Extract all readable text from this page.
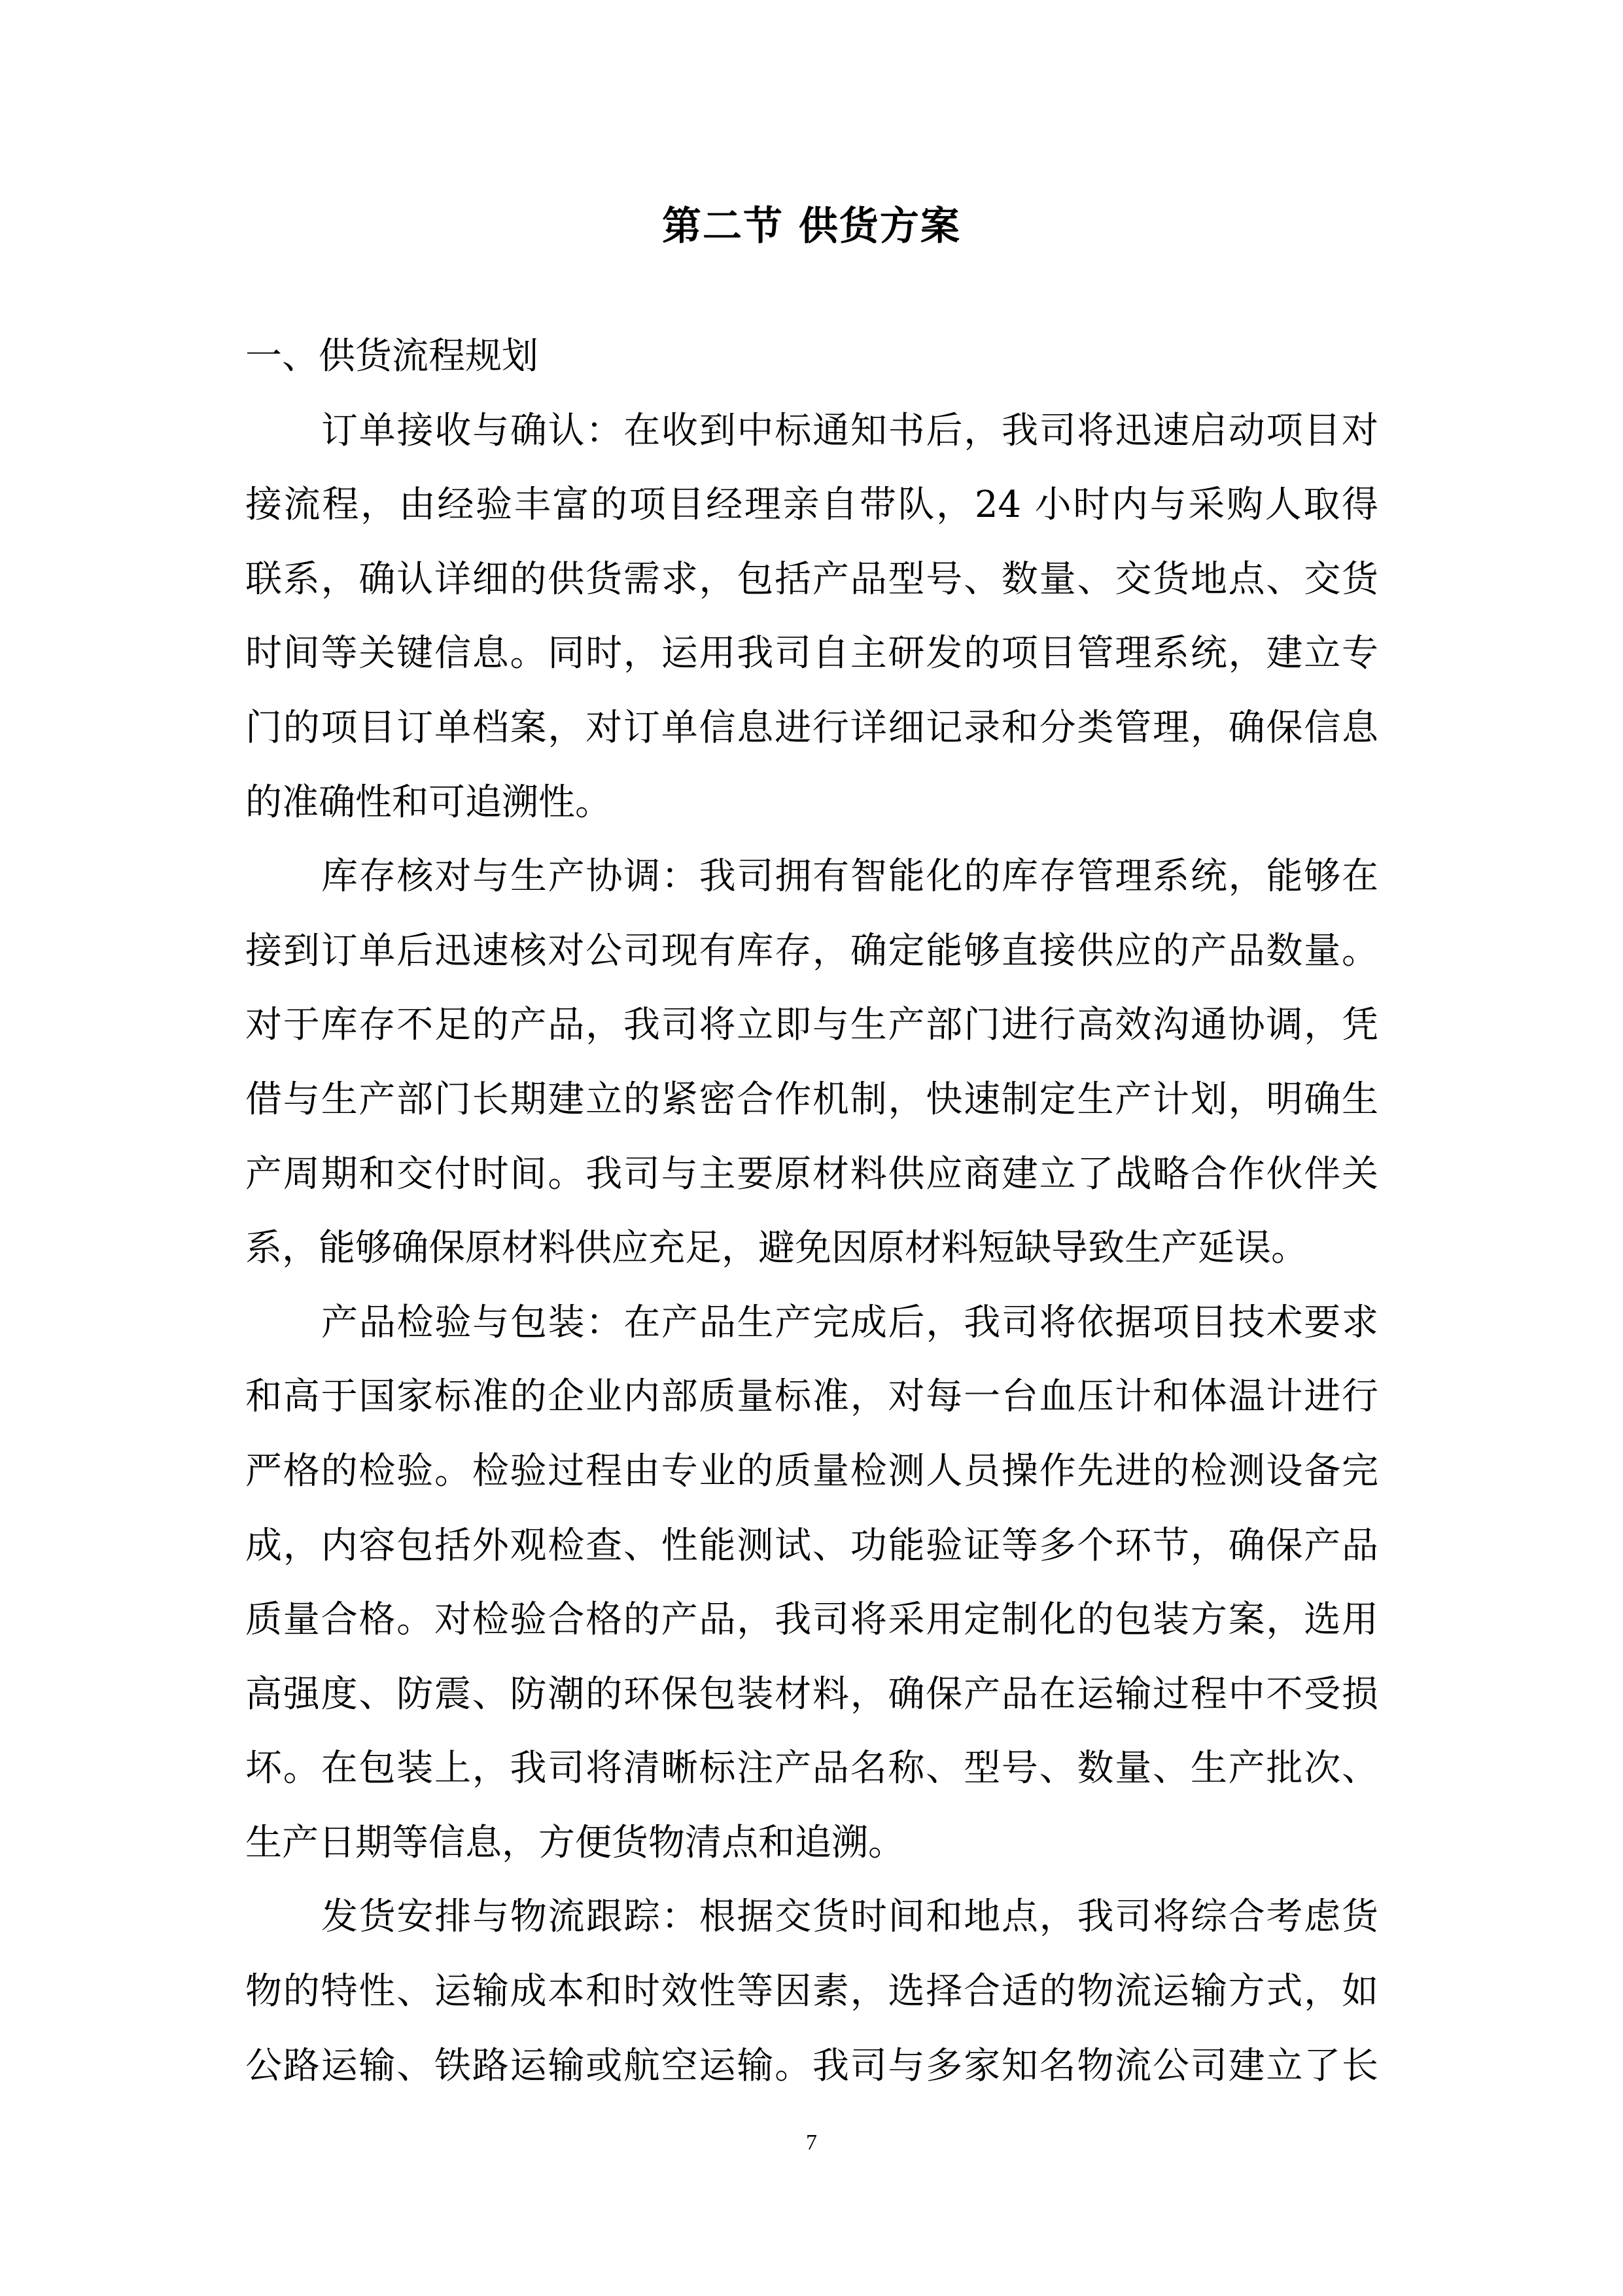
第二节 供货方案
一、供货流程规划
订单接收与确认：在收到中标通知书后，我司将迅速启动项目对
接流程，由经验丰富的项目经理亲自带队，24 小时内与采购人取得
联系，确认详细的供货需求，包括产品型号、数量、交货地点、交货
时间等关键信息。同时，运用我司自主研发的项目管理系统，建立专
门的项目订单档案，对订单信息进行详细记录和分类管理，确保信息
的准确性和可追溯性。
库存核对与生产协调：我司拥有智能化的库存管理系统，能够在
接到订单后迅速核对公司现有库存，确定能够直接供应的产品数量。
对于库存不足的产品，我司将立即与生产部门进行高效沟通协调，凭
借与生产部门长期建立的紧密合作机制，快速制定生产计划，明确生
产周期和交付时间。我司与主要原材料供应商建立了战略合作伙伴关
系，能够确保原材料供应充足，避免因原材料短缺导致生产延误。
产品检验与包装：在产品生产完成后，我司将依据项目技术要求
和高于国家标准的企业内部质量标准，对每一台血压计和体温计进行
严格的检验。检验过程由专业的质量检测人员操作先进的检测设备完
成，内容包括外观检查、性能测试、功能验证等多个环节，确保产品
质量合格。对检验合格的产品，我司将采用定制化的包装方案，选用
高强度、防震、防潮的环保包装材料，确保产品在运输过程中不受损
坏。在包装上，我司将清晰标注产品名称、型号、数量、生产批次、
生产日期等信息，方便货物清点和追溯。
发货安排与物流跟踪：根据交货时间和地点，我司将综合考虑货
物的特性、运输成本和时效性等因素，选择合适的物流运输方式，如
公路运输、铁路运输或航空运输。我司与多家知名物流公司建立了长
7
